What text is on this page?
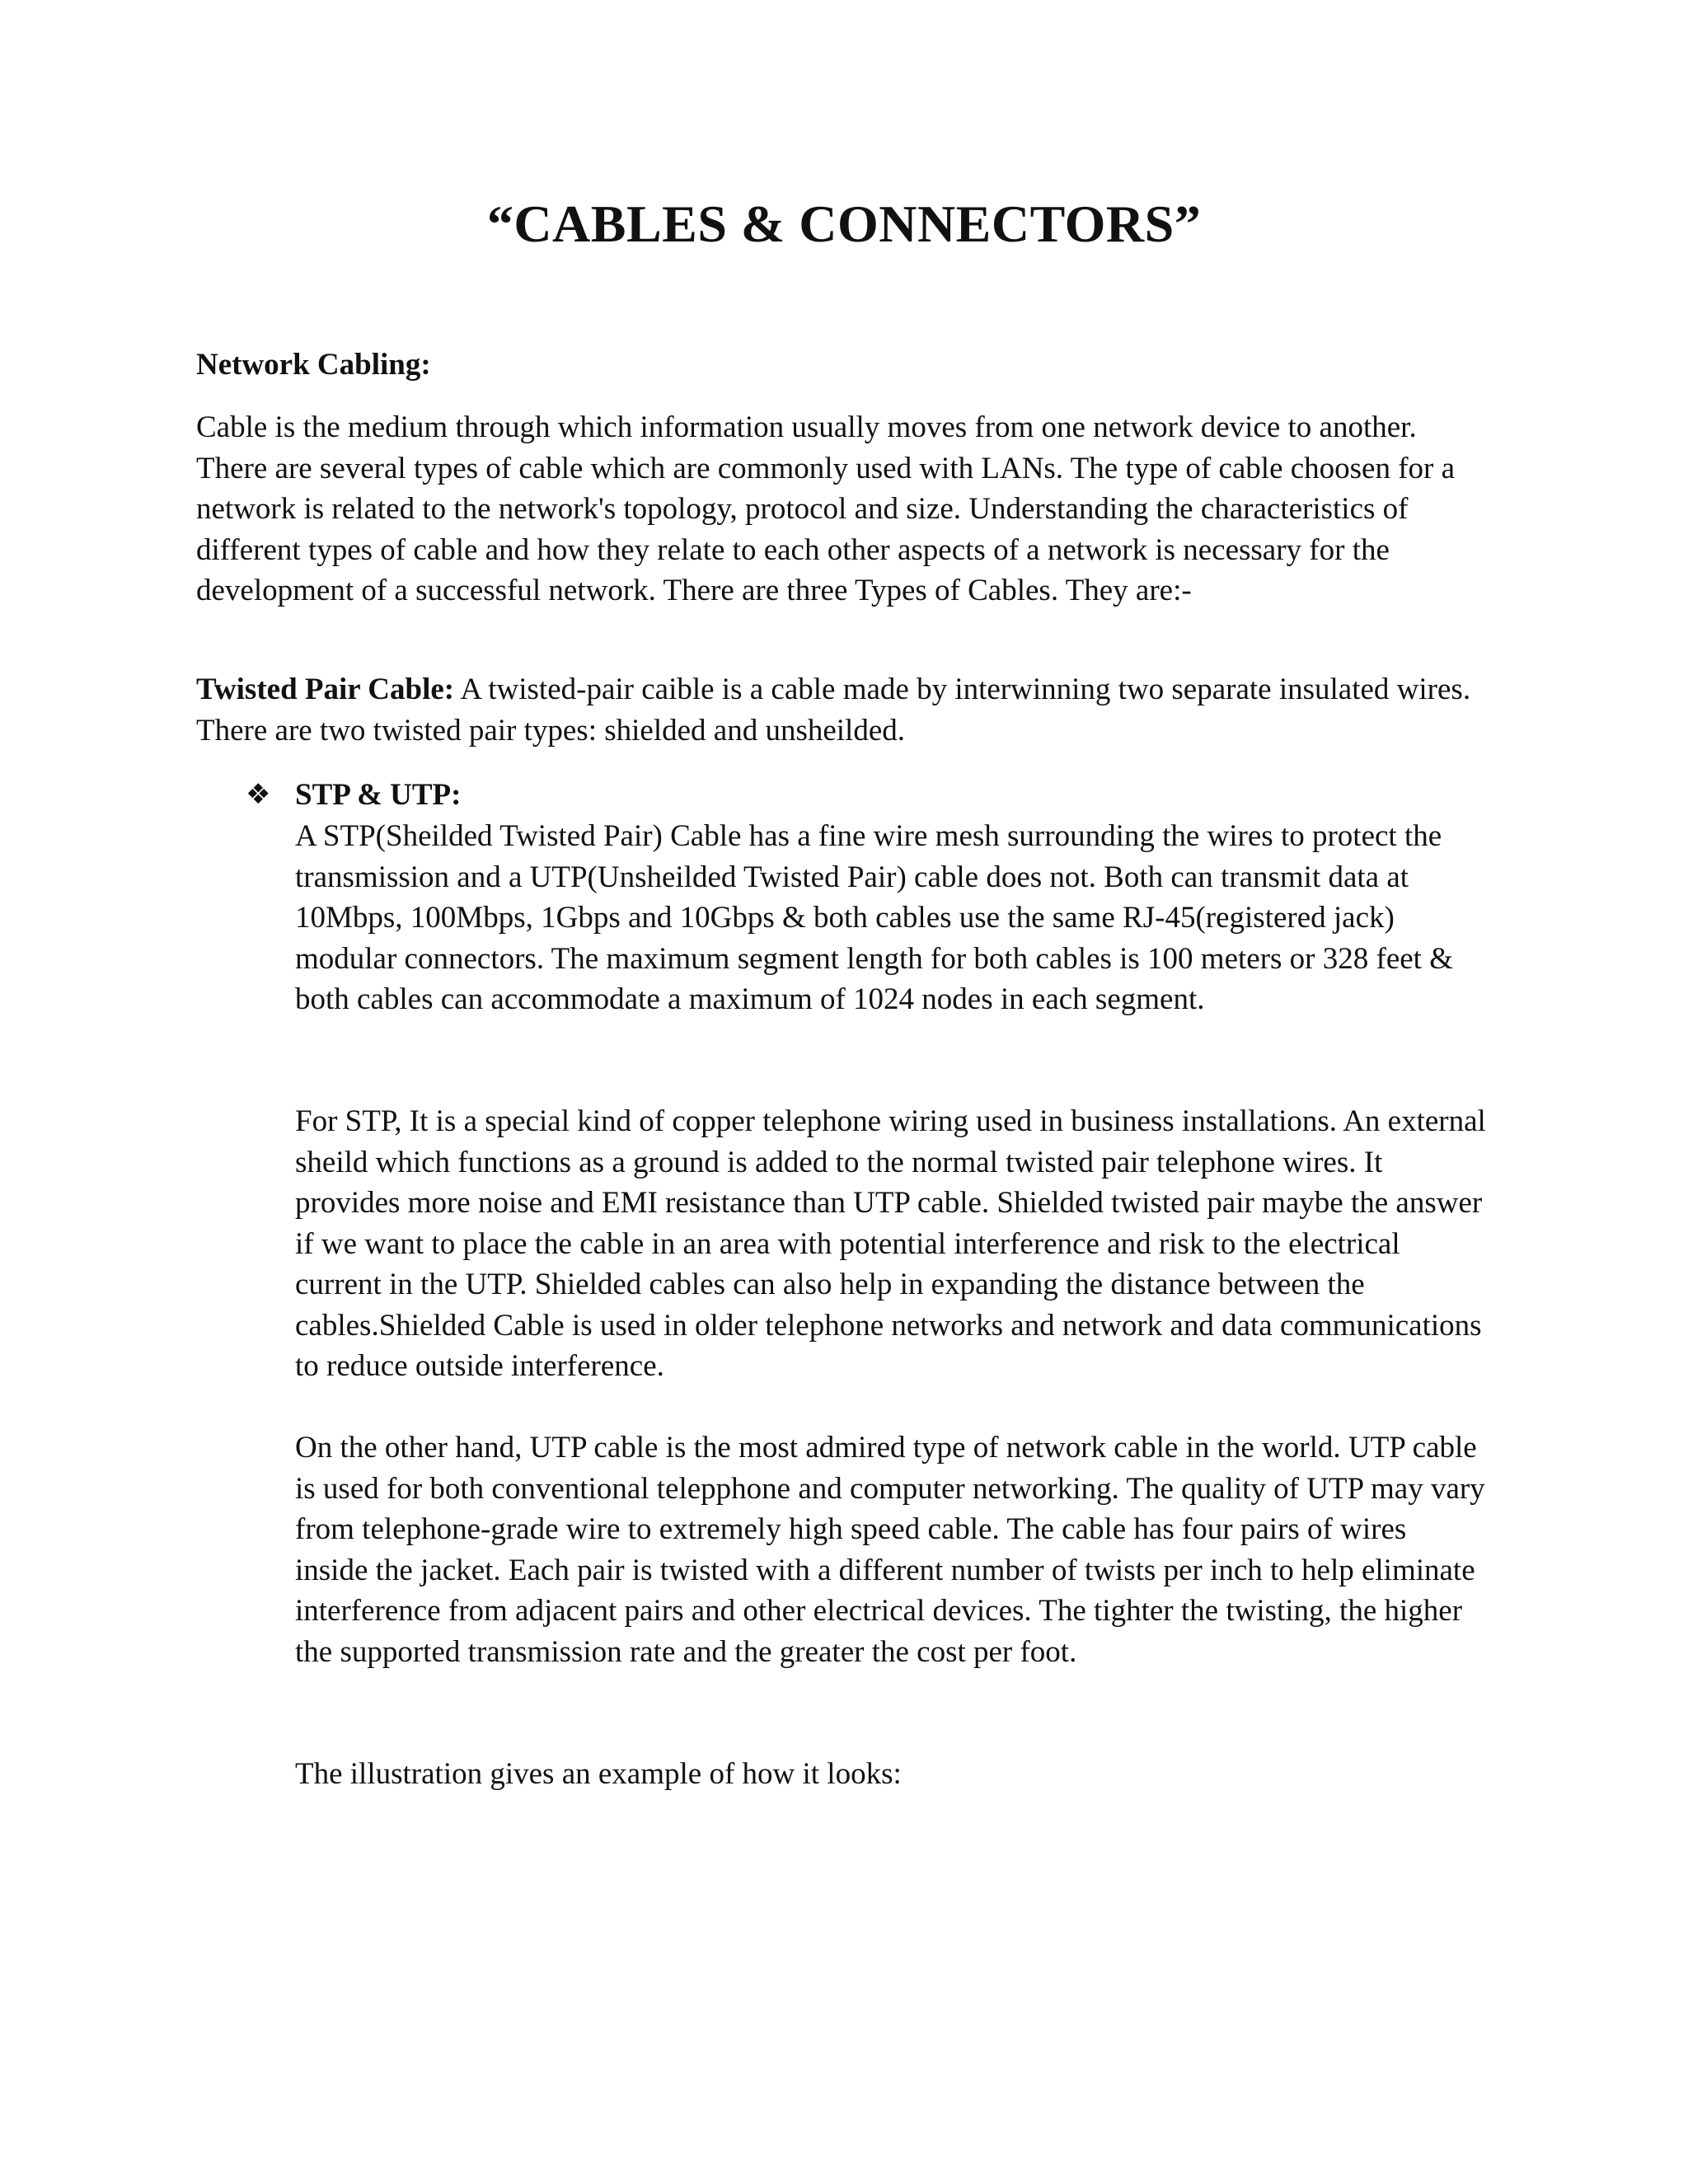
“CABLES & CONNECTORS”

Network Cabling:

Cable is the medium through which information usually moves from one network device to another. There are several types of cable which are commonly used with LANs. The type of cable choosen for a network is related to the network's topology, protocol and size. Understanding the characteristics of different types of cable and how they relate to each other aspects of a network is necessary for the development of a successful network. There are three Types of Cables. They are:-

Twisted Pair Cable: A twisted-pair caible is a cable made by interwinning two separate insulated wires. There are two twisted pair types: shielded and unsheilded.

❖ STP & UTP:

A STP(Sheilded Twisted Pair) Cable has a fine wire mesh surrounding the wires to protect the transmission and a UTP(Unsheilded Twisted Pair) cable does not. Both can transmit data at 10Mbps, 100Mbps, 1Gbps and 10Gbps & both cables use the same RJ-45(registered jack) modular connectors. The maximum segment length for both cables is 100 meters or 328 feet & both cables can accommodate a maximum of 1024 nodes in each segment.

For STP, It is a special kind of copper telephone wiring used in business installations. An external sheild which functions as a ground is added to the normal twisted pair telephone wires. It provides more noise and EMI resistance than UTP cable. Shielded twisted pair maybe the answer if we want to place the cable in an area with potential interference and risk to the electrical current in the UTP. Shielded cables can also help in expanding the distance between the cables.Shielded Cable is used in older telephone networks and network and data communications to reduce outside interference.

On the other hand, UTP cable is the most admired type of network cable in the world. UTP cable is used for both conventional telepphone and computer networking. The quality of UTP may vary from telephone-grade wire to extremely high speed cable. The cable has four pairs of wires inside the jacket. Each pair is twisted with a different number of twists per inch to help eliminate interference from adjacent pairs and other electrical devices. The tighter the twisting, the higher the supported transmission rate and the greater the cost per foot.

The illustration gives an example of how it looks:
